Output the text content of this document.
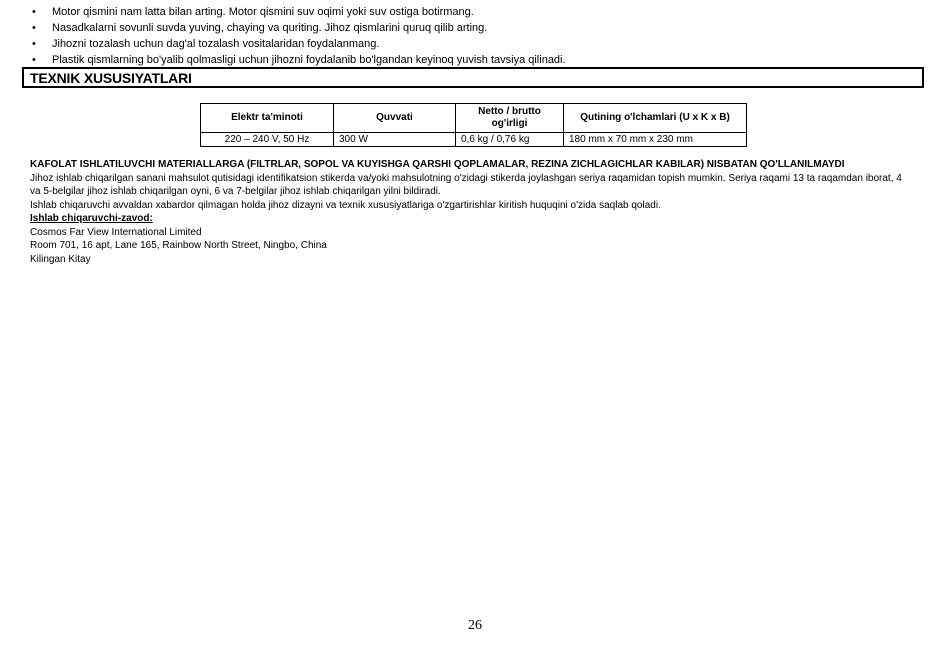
• Motor qismini nam latta bilan arting. Motor qismini suv oqimi yoki suv ostiga botirmang.
• Nasadkalarni sovunli suvda yuving, chaying va quriting. Jihoz qismlarini quruq qilib arting.
• Jihozni tozalash uchun dag'al tozalash vositalaridan foydalanmang.
• Plastik qismlarning bo'yalib qolmasligi uchun jihozni foydalanib bo'lgandan keyinoq yuvish tavsiya qilinadi.
TEXNIK XUSUSIYATLARI
Elektr ta'minoti	Quvvati	Netto / brutto og'irligi	Qutining o'lchamlari (U x K x B)
220 – 240 V, 50 Hz	300 W	0,6 kg / 0,76 kg	180 mm x 70 mm x 230 mm

KAFOLAT ISHLATILUVCHI MATERIALLARGA (FILTRLAR, SOPOL VA KUYISHGA QARSHI QOPLAMALAR, REZINA ZICHLAGICHLAR KABILAR) NISBATAN QO'LLANILMAYDI

Jihoz ishlab chiqarilgan sanani mahsulot qutisidagi identifikatsion stikerda va/yoki mahsulotning o'zidagi stikerda joylashgan seriya raqamidan topish mumkin. Seriya raqami 13 ta raqamdan iborat, 4 va 5-belgilar jihoz ishlab chiqarilgan oyni, 6 va 7-belgilar jihoz ishlab chiqarilgan yilni bildiradi.

Ishlab chiqaruvchi avvaldan xabardor qilmagan holda jihoz dizayni va texnik xususiyatlariga o'zgartirishlar kiritish huquqini o'zida saqlab qoladi.

Ishlab chiqaruvchi-zavod:

Cosmos Far View International Limited

Room 701, 16 apt, Lane 165, Rainbow North Street, Ningbo, China

Kilingan Kitay

26
